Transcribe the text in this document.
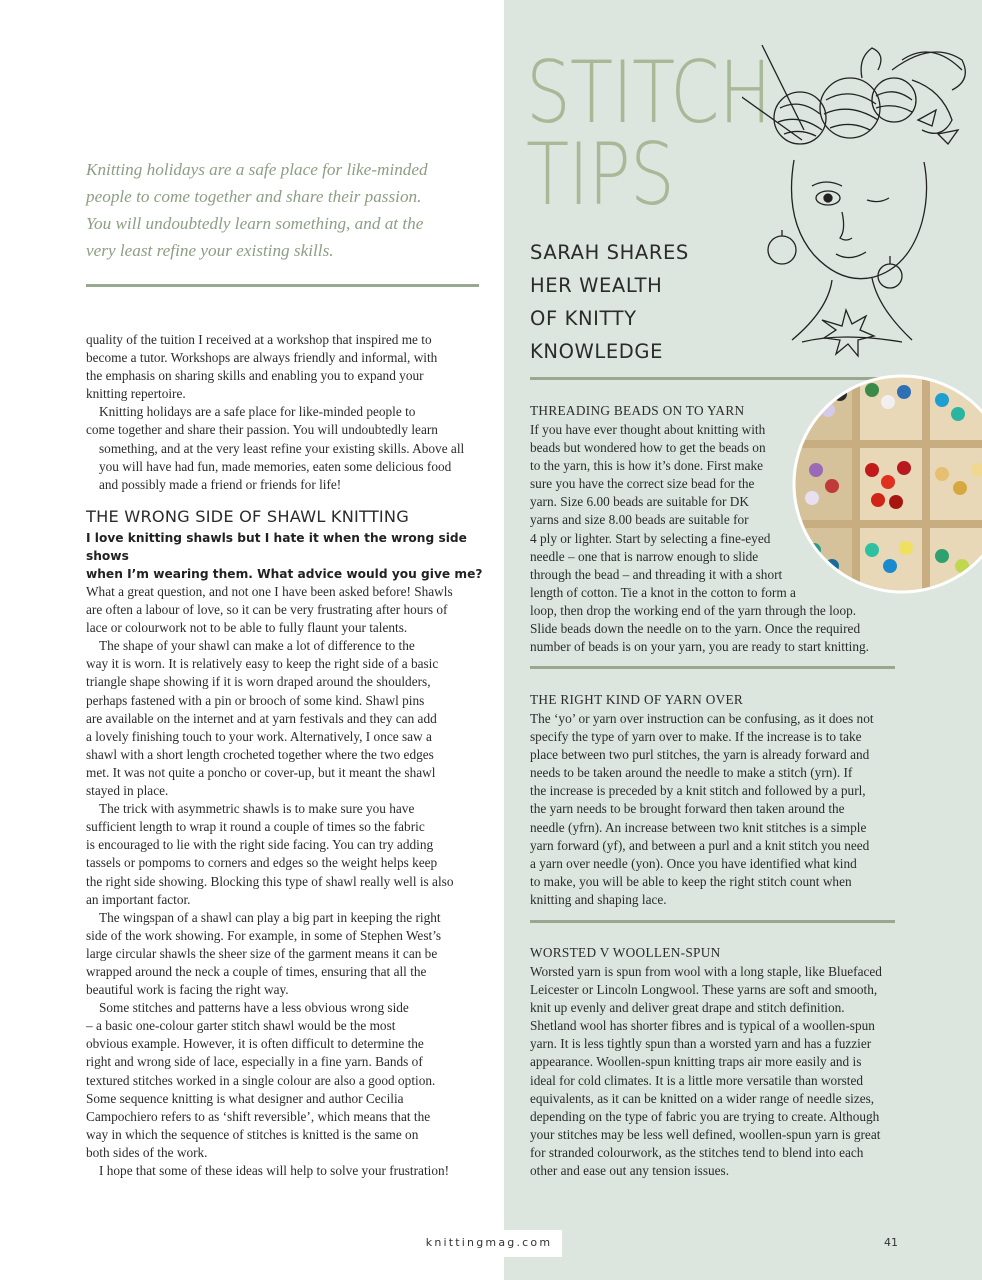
Knitting holidays are a safe place for like-minded
people to come together and share their passion.
You will undoubtedly learn something, and at the
very least refine your existing skills.

quality of the tuition I received at a workshop that inspired me to
become a tutor. Workshops are always friendly and informal, with
the emphasis on sharing skills and enabling you to expand your
knitting repertoire.

Knitting holidays are a safe place for like-minded people to
come together and share their passion. You will undoubtedly learn
something, and at the very least refine your existing skills. Above all
you will have had fun, made memories, eaten some delicious food
and possibly made a friend or friends for life!

THE WRONG SIDE OF SHAWL KNITTING
I love knitting shawls but I hate it when the wrong side shows
when I’m wearing them. What advice would you give me?

What a great question, and not one I have been asked before! Shawls
are often a labour of love, so it can be very frustrating after hours of
lace or colourwork not to be able to fully flaunt your talents.

The shape of your shawl can make a lot of difference to the
way it is worn. It is relatively easy to keep the right side of a basic
triangle shape showing if it is worn draped around the shoulders,
perhaps fastened with a pin or brooch of some kind. Shawl pins
are available on the internet and at yarn festivals and they can add
a lovely finishing touch to your work. Alternatively, I once saw a
shawl with a short length crocheted together where the two edges
met. It was not quite a poncho or cover-up, but it meant the shawl
stayed in place.

The trick with asymmetric shawls is to make sure you have
sufficient length to wrap it round a couple of times so the fabric
is encouraged to lie with the right side facing. You can try adding
tassels or pompoms to corners and edges so the weight helps keep
the right side showing. Blocking this type of shawl really well is also
an important factor.

The wingspan of a shawl can play a big part in keeping the right
side of the work showing. For example, in some of Stephen West’s
large circular shawls the sheer size of the garment means it can be
wrapped around the neck a couple of times, ensuring that all the
beautiful work is facing the right way.

Some stitches and patterns have a less obvious wrong side
– a basic one-colour garter stitch shawl would be the most
obvious example. However, it is often difficult to determine the
right and wrong side of lace, especially in a fine yarn. Bands of
textured stitches worked in a single colour are also a good option.
Some sequence knitting is what designer and author Cecilia
Campochiero refers to as ‘shift reversible’, which means that the
way in which the sequence of stitches is knitted is the same on
both sides of the work.

I hope that some of these ideas will help to solve your frustration!

STITCH
TIPS
SARAH SHARES
HER WEALTH
OF KNITTY
KNOWLEDGE
THREADING BEADS ON TO YARN
If you have ever thought about knitting with
beads but wondered how to get the beads on
to the yarn, this is how it’s done. First make
sure you have the correct size bead for the
yarn. Size 6.00 beads are suitable for DK
yarns and size 8.00 beads are suitable for
4 ply or lighter. Start by selecting a fine-eyed
needle – one that is narrow enough to slide
through the bead – and threading it with a short
length of cotton. Tie a knot in the cotton to form a
loop, then drop the working end of the yarn through the loop.
Slide beads down the needle on to the yarn. Once the required
number of beads is on your yarn, you are ready to start knitting.
THE RIGHT KIND OF YARN OVER
The ‘yo’ or yarn over instruction can be confusing, as it does not
specify the type of yarn over to make. If the increase is to take
place between two purl stitches, the yarn is already forward and
needs to be taken around the needle to make a stitch (yrn). If
the increase is preceded by a knit stitch and followed by a purl,
the yarn needs to be brought forward then taken around the
needle (yfrn). An increase between two knit stitches is a simple
yarn forward (yf), and between a purl and a knit stitch you need
a yarn over needle (yon). Once you have identified what kind
to make, you will be able to keep the right stitch count when
knitting and shaping lace.
WORSTED V WOOLLEN-SPUN
Worsted yarn is spun from wool with a long staple, like Bluefaced
Leicester or Lincoln Longwool. These yarns are soft and smooth,
knit up evenly and deliver great drape and stitch definition.
Shetland wool has shorter fibres and is typical of a woollen-spun
yarn. It is less tightly spun than a worsted yarn and has a fuzzier
appearance. Woollen-spun knitting traps air more easily and is
ideal for cold climates. It is a little more versatile than worsted
equivalents, as it can be knitted on a wider range of needle sizes,
depending on the type of fabric you are trying to create. Although
your stitches may be less well defined, woollen-spun yarn is great
for stranded colourwork, as the stitches tend to blend into each
other and ease out any tension issues.
knittingmag.com	41
